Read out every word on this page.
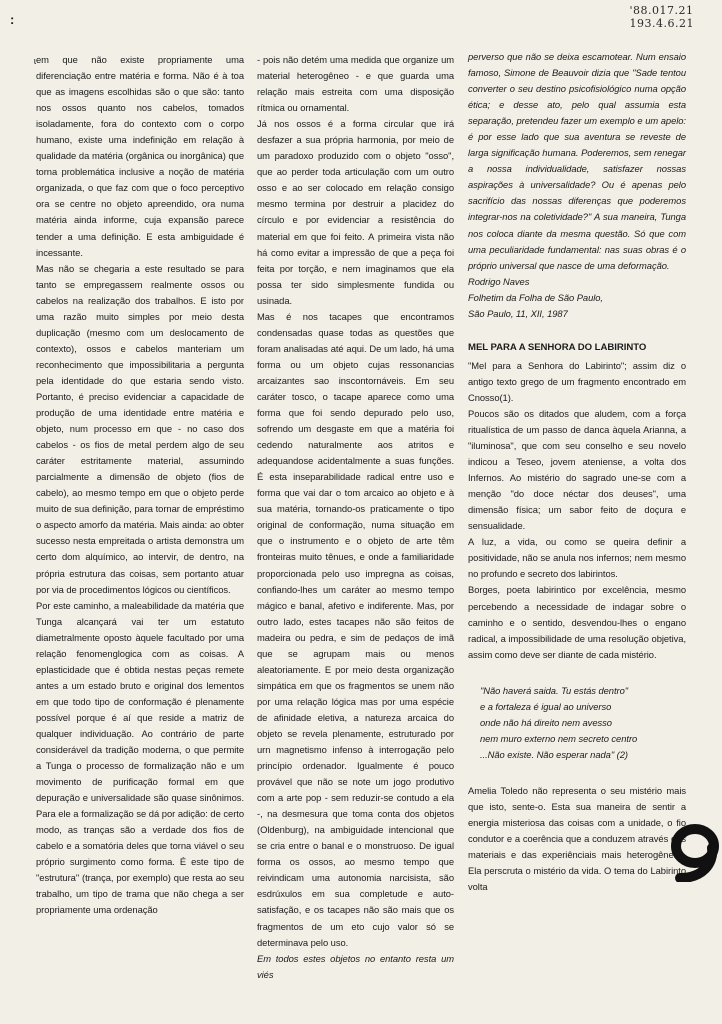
:
ɩ
'88.017.21
193.4.6.21

em que não existe propriamente uma diferenciação entre matéria e forma. Não é à toa que as imagens escolhidas são o que são: tanto nos ossos quanto nos cabelos, tomados isoladamente, fora do contexto com o corpo humano, existe uma indefinição em relação à qualidade da matéria (orgânica ou inorgânica) que torna problemática inclusive a noção de matéria organizada, o que faz com que o foco perceptivo ora se centre no objeto apreendido, ora numa matéria ainda informe, cuja expansão parece tender a uma definição. E esta ambiguidade é incessante.

Mas não se chegaria a este resultado se para tanto se empregassem realmente ossos ou cabelos na realização dos trabalhos. E isto por uma razão muito simples por meio desta duplicação (mesmo com um deslocamento de contexto), ossos e cabelos manteriam um reconhecimento que impossibilitaria a pergunta pela identidade do que estaria sendo visto. Portanto, é preciso evidenciar a capacidade de produção de uma identidade entre matéria e objeto, num processo em que - no caso dos cabelos - os fios de metal perdem algo de seu caráter estritamente material, assumindo parcialmente a dimensão de objeto (fios de cabelo), ao mesmo tempo em que o objeto perde muito de sua definição, para tornar de empréstimo o aspecto amorfo da matéria. Mais ainda: ao obter sucesso nesta empreitada o artista demonstra um certo dom alquímico, ao intervir, de dentro, na própria estrutura das coisas, sem portanto atuar por via de procedimentos lógicos ou científicos.

Por este caminho, a maleabilidade da matéria que Tunga alcançará vai ter um estatuto diametralmente oposto àquele facultado por uma relação fenomenglogica com as coisas. A eplasticidade que é obtida nestas peças remete antes a um estado bruto e original dos lementos em que todo tipo de conformação é plenamente possível porque é aí que reside a matriz de qualquer individuação. Ao contrário de parte considerável da tradição moderna, o que permite a Tunga o processo de formalização não e um movimento de purificação formal em que depuração e universalidade são quase sinônimos. Para ele a formalização se dá por adição: de certo modo, as tranças são a verdade dos fios de cabelo e a somatória deles que torna viável o seu próprio surgimento como forma. É este tipo de "estrutura" (trança, por exemplo) que resta ao seu trabalho, um tipo de trama que não chega a ser propriamente uma ordenação

- pois não detém uma medida que organize um material heterogêneo - e que guarda uma relação mais estreita com uma disposição rítmica ou ornamental.

Já nos ossos é a forma circular que irá desfazer a sua própria harmonia, por meio de um paradoxo produzido com o objeto "osso", que ao perder toda articulação com um outro osso e ao ser colocado em relação consigo mesmo termina por destruir a placidez do círculo e por evidenciar a resistência do material em que foi feito. A primeira vista não há como evitar a impressão de que a peça foi feita por torção, e nem imaginamos que ela possa ter sido simplesmente fundida ou usinada.

Mas é nos tacapes que encontramos condensadas quase todas as questões que foram analisadas até aqui. De um lado, há uma forma ou um objeto cujas ressonancias arcaizantes sao inscontornáveis. Em seu caráter tosco, o tacape aparece como uma forma que foi sendo depurado pelo uso, sofrendo um desgaste em que a matéria foi cedendo naturalmente aos atritos e adequandose acidentalmente a suas funções. É esta inseparabilidade radical entre uso e forma que vai dar o tom arcaico ao objeto e à sua matéria, tornando-os praticamente o tipo original de conformação, numa situação em que o instrumento e o objeto de arte têm fronteiras muito tênues, e onde a familiaridade proporcionada pelo uso impregna as coisas, confiando-lhes um caráter ao mesmo tempo mágico e banal, afetivo e indiferente. Mas, por outro lado, estes tacapes não são feitos de madeira ou pedra, e sim de pedaços de imã que se agrupam mais ou menos aleatoriamente. E por meio desta organização simpática em que os fragmentos se unem não por uma relação lógica mas por uma espécie de afinidade eletiva, a natureza arcaica do objeto se revela plenamente, estruturado por urn magnetismo infenso à interrogação pelo princípio ordenador. Igualmente é pouco provável que não se note um jogo produtivo com a arte pop - sem reduzir-se contudo a ela -, na desmesura que toma conta dos objetos (Oldenburg), na ambiguidade intencional que se cria entre o banal e o monstruoso. De igual forma os ossos, ao mesmo tempo que reivindicam uma autonomia narcisista, são esdrúxulos em sua completude e auto-satisfação, e os tacapes não são mais que os fragmentos de um eto cujo valor só se determinava pelo uso.

Em todos estes objetos no entanto resta um viés

perverso que não se deixa escamotear. Num ensaio famoso, Simone de Beauvoir dizia que "Sade tentou converter o seu destino psicofisiológico numa opção ética; e desse ato, pelo qual assumia esta separação, pretendeu fazer um exemplo e um apelo: é por esse lado que sua aventura se reveste de larga significação humana. Poderemos, sem renegar a nossa individualidade, satisfazer nossas aspirações à universalidade? Ou é apenas pelo sacrifício das nossas diferenças que poderemos integrar-nos na coletividade?" A sua maneira, Tunga nos coloca diante da mesma questão. Só que com uma peculiaridade fundamental: nas suas obras é o próprio universal que nasce de uma deformação.

Rodrigo Naves
Folhetim da Folha de São Paulo,
São Paulo, 11, XII, 1987
MEL PARA A SENHORA DO LABIRINTO

"Mel para a Senhora do Labirinto"; assim diz o antigo texto grego de um fragmento encontrado em Cnosso(1).

Poucos são os ditados que aludem, com a força ritualística de um passo de danca àquela Arianna, a "iluminosa", que com seu conselho e seu novelo indicou a Teseo, jovem ateniense, a volta dos Infernos. Ao mistério do sagrado une-se com a menção "do doce néctar dos deuses", uma dimensão física; um sabor feito de doçura e sensualidade.

A luz, a vida, ou como se queira definir a positividade, não se anula nos infernos; nem mesmo no profundo e secreto dos labirintos.

Borges, poeta labirintico por excelência, mesmo percebendo a necessidade de indagar sobre o caminho e o sentido, desvendou-lhes o engano radical, a impossibilidade de uma resolução objetiva, assim como deve ser diante de cada mistério.

"Não haverá saida. Tu estás dentro"
e a fortaleza é igual ao universo
onde não há direito nem avesso
nem muro externo nem secreto centro
...Não existe. Não esperar nada" (2)

Amelia Toledo não representa o seu mistério mais que isto, sente-o. Esta sua maneira de sentir a energia misteriosa das coisas com a unidade, o fio condutor e a coerência que a conduzem através dos materiais e das experiênciais mais heterogêneas. Ela perscruta o mistério da vida. O tema do Labirinto volta
